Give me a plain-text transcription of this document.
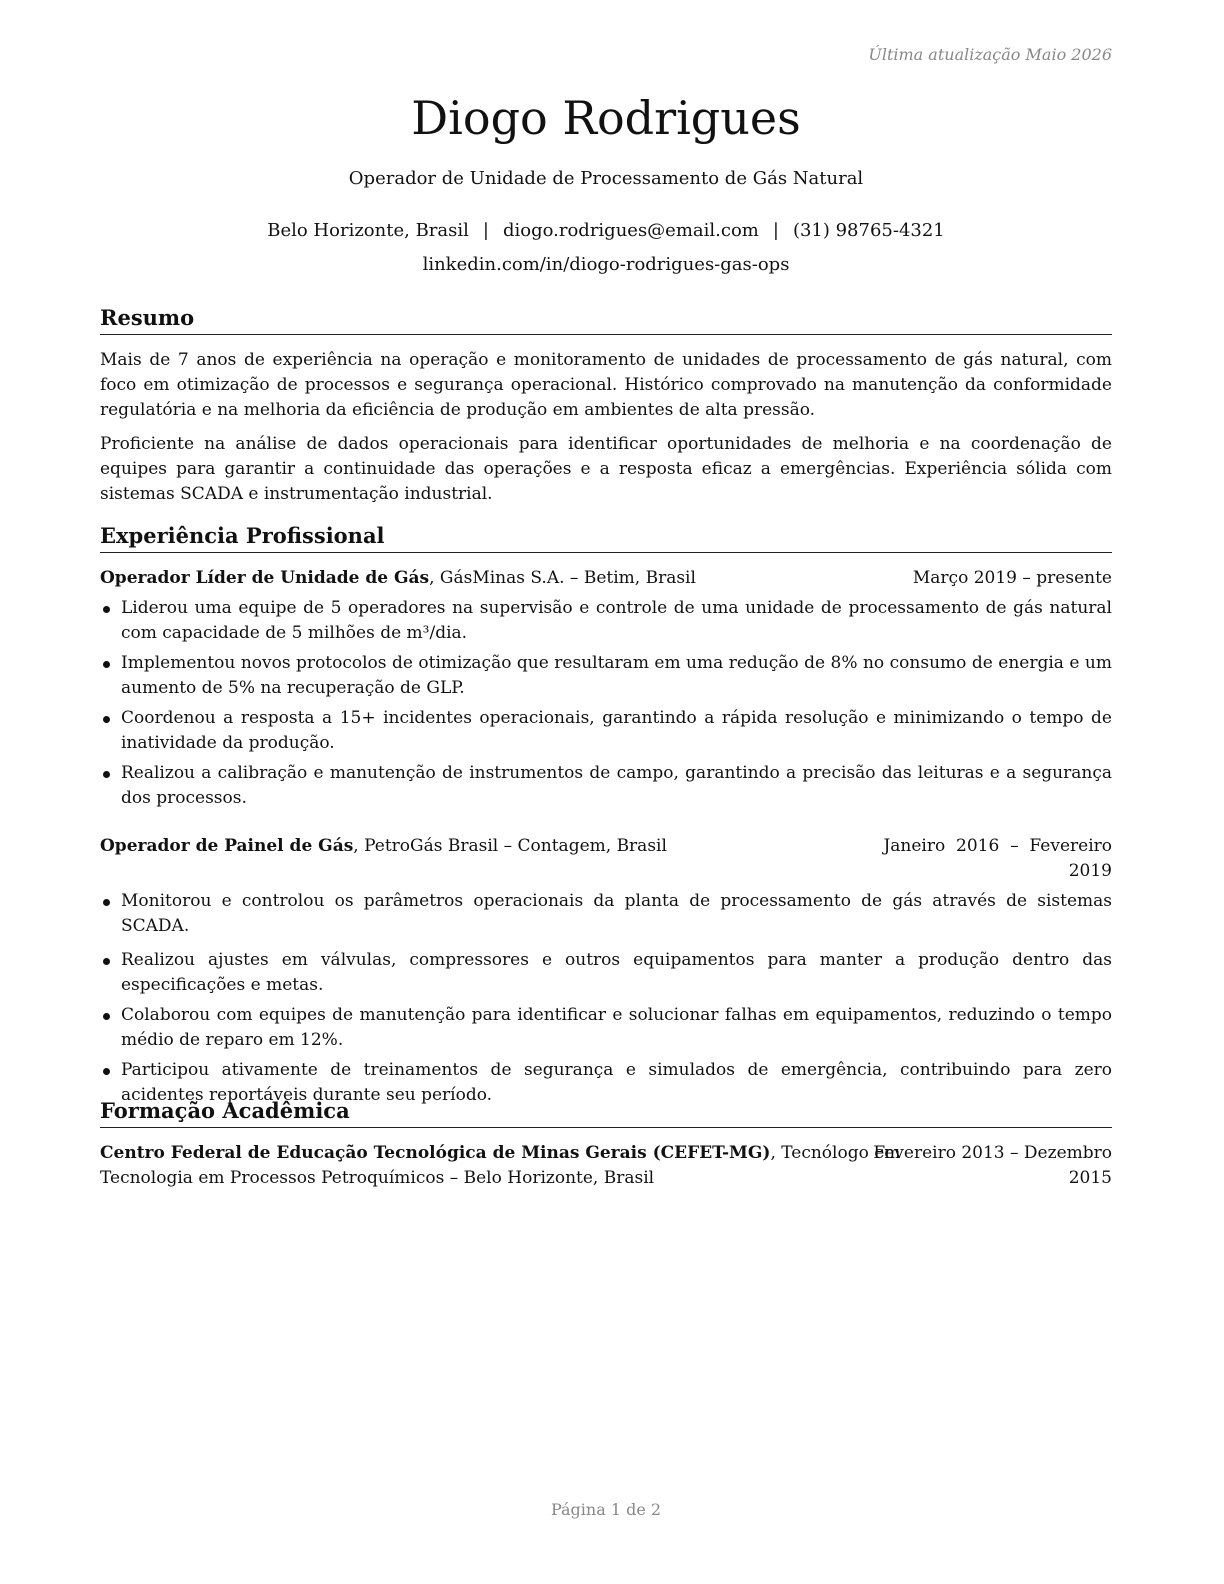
Última atualização Maio 2026
Diogo Rodrigues
Operador de Unidade de Processamento de Gás Natural
Belo Horizonte, Brasil | diogo.rodrigues@email.com | (31) 98765-4321
linkedin.com/in/diogo-rodrigues-gas-ops
Resumo
Mais de 7 anos de experiência na operação e monitoramento de unidades de processamento de gás natural, com foco em otimização de processos e segurança operacional. Histórico comprovado na manutenção da conformidade regulatória e na melhoria da eficiência de produção em ambientes de alta pressão.
Proficiente na análise de dados operacionais para identificar oportunidades de melhoria e na coordenação de equipes para garantir a continuidade das operações e a resposta eficaz a emergências. Experiência sólida com sistemas SCADA e instrumentação industrial.
Experiência Profissional
Operador Líder de Unidade de Gás, GásMinas S.A. – Betim, Brasil	Março 2019 – presente
Liderou uma equipe de 5 operadores na supervisão e controle de uma unidade de processamento de gás natural com capacidade de 5 milhões de m³/dia.
Implementou novos protocolos de otimização que resultaram em uma redução de 8% no consumo de energia e um aumento de 5% na recuperação de GLP.
Coordenou a resposta a 15+ incidentes operacionais, garantindo a rápida resolução e minimizando o tempo de inatividade da produção.
Realizou a calibração e manutenção de instrumentos de campo, garantindo a precisão das leituras e a segurança dos processos.
Operador de Painel de Gás, PetroGás Brasil – Contagem, Brasil	Janeiro  2016  –  Fevereiro
2019
Monitorou e controlou os parâmetros operacionais da planta de processamento de gás através de sistemas SCADA.
Realizou ajustes em válvulas, compressores e outros equipamentos para manter a produção dentro das especificações e metas.
Colaborou com equipes de manutenção para identificar e solucionar falhas em equipamentos, reduzindo o tempo médio de reparo em 12%.
Participou ativamente de treinamentos de segurança e simulados de emergência, contribuindo para zero acidentes reportáveis durante seu período.
Formação Acadêmica
Centro Federal de Educação Tecnológica de Minas Gerais (CEFET-MG), Tecnólogo em
Tecnologia em Processos Petroquímicos – Belo Horizonte, Brasil
Fevereiro 2013 – Dezembro
2015
Página 1 de 2
